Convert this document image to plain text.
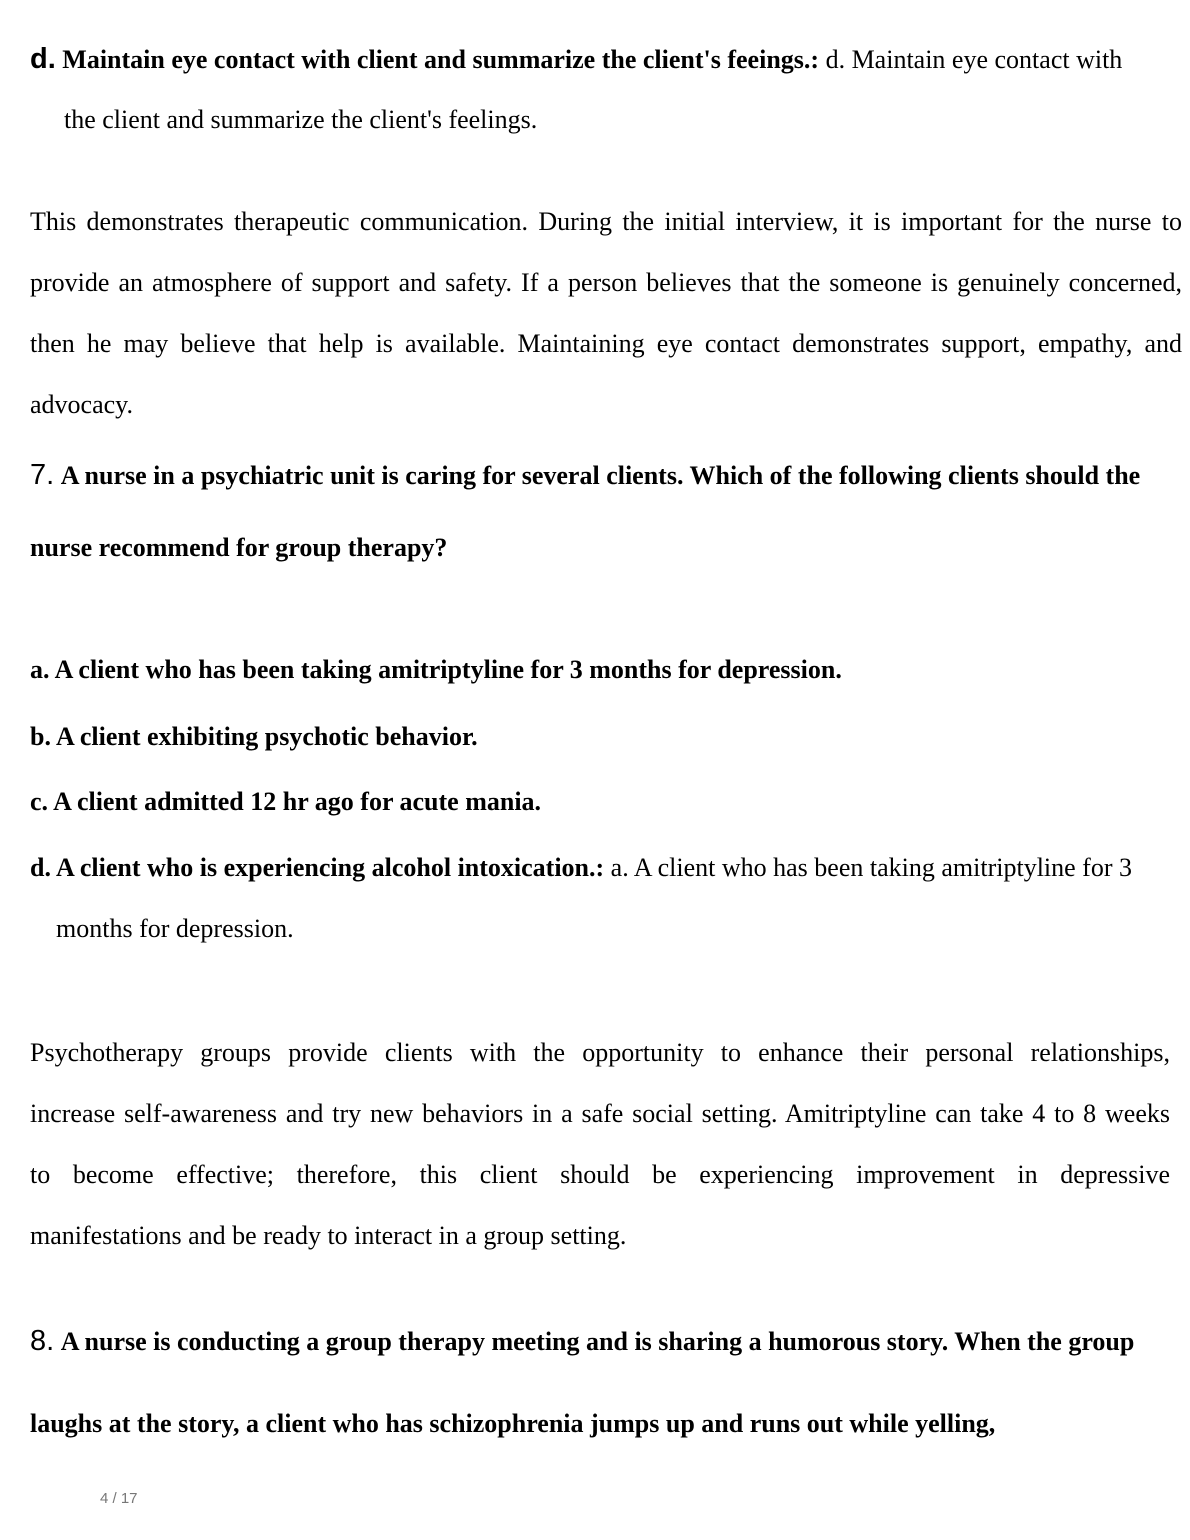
d. Maintain eye contact with client and summarize the client's feeings.: d. Maintain eye contact with
the client and summarize the client's feelings.
This demonstrates therapeutic communication. During the initial interview, it is important for the nurse to
provide an atmosphere of support and safety. If a person believes that the someone is genuinely concerned,
then he may believe that help is available. Maintaining eye contact demonstrates support, empathy, and
advocacy.
7. A nurse in a psychiatric unit is caring for several clients. Which of the following clients should the
nurse recommend for group therapy?
a. A client who has been taking amitriptyline for 3 months for depression.
b. A client exhibiting psychotic behavior.
c. A client admitted 12 hr ago for acute mania.
d. A client who is experiencing alcohol intoxication.: a. A client who has been taking amitriptyline for 3
months for depression.
Psychotherapy groups provide clients with the opportunity to enhance their personal relationships,
increase self-awareness and try new behaviors in a safe social setting. Amitriptyline can take 4 to 8 weeks
to become effective; therefore, this client should be experiencing improvement in depressive
manifestations and be ready to interact in a group setting.
8. A nurse is conducting a group therapy meeting and is sharing a humorous story. When the group
laughs at the story, a client who has schizophrenia jumps up and runs out while yelling,
4 / 17
